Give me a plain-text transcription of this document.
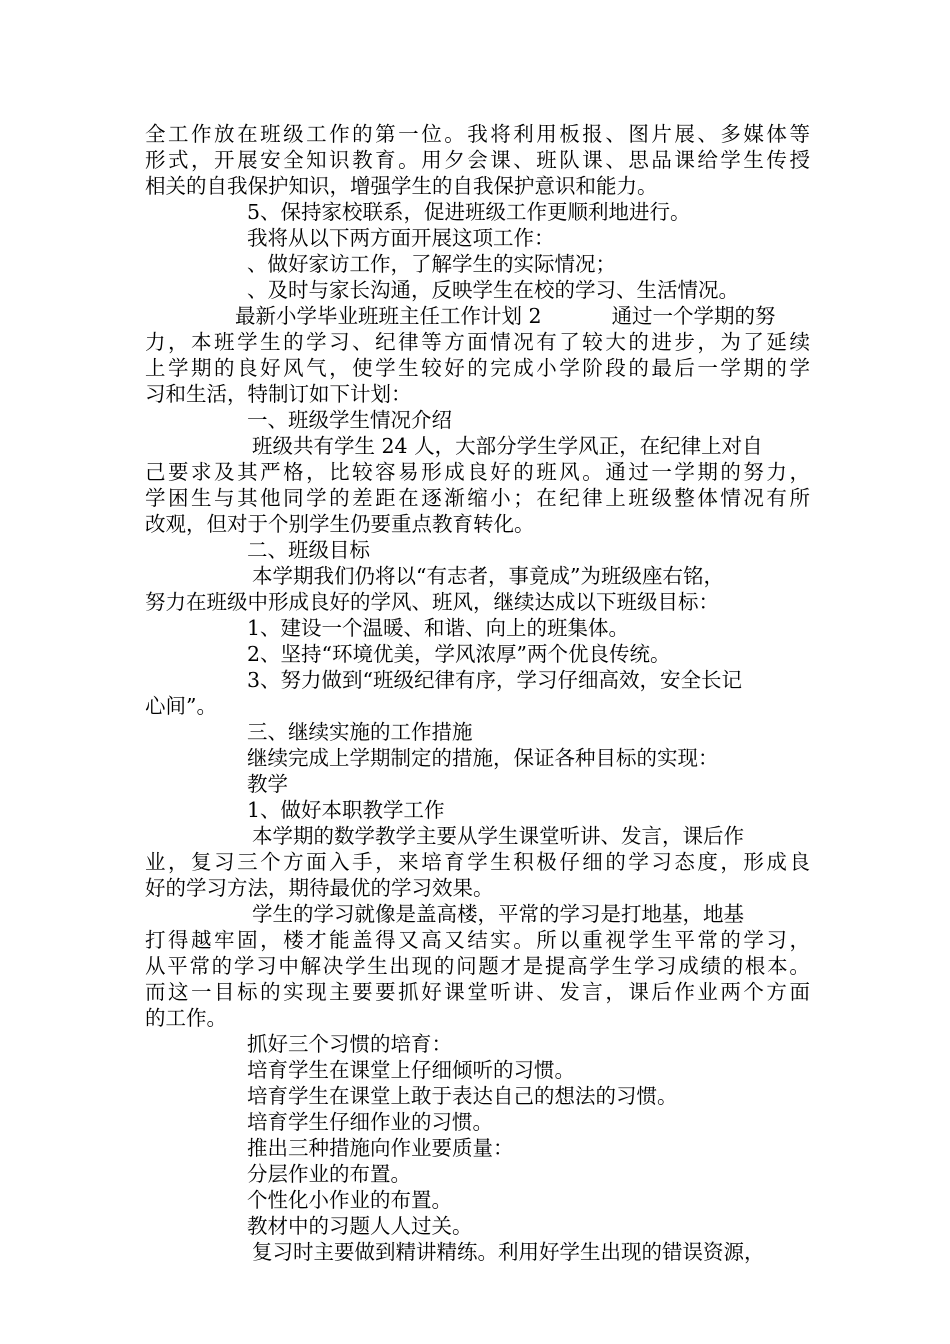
全 工 作 放 在 班 级 工 作 的 第 一 位 。 我 将 利 用 板 报 、 图 片 展 、 多 媒 体 等
形 式 ， 开 展 安 全 知 识 教 育 。 用 夕 会 课 、 班 队 课 、 思 品 课 给 学 生 传 授
相关的自我保护知识，增强学生的自我保护意识和能力。
5、保持家校联系，促进班级工作更顺利地进行。
我将从以下两方面开展这项工作：
、做好家访工作，了解学生的实际情况；
、及时与家长沟通，反映学生在校的学习、生活情况。
最新小学毕业班班主任工作计划 2	通过一个学期的努
力 ， 本 班 学 生 的 学 习 、 纪 律 等 方 面 情 况 有 了 较 大 的 进 步 ， 为 了 延 续
上 学 期 的 良 好 风 气 ， 使 学 生 较 好 的 完 成 小 学 阶 段 的 最 后 一 学 期 的 学
习和生活，特制订如下计划：
一、班级学生情况介绍
班级共有学生 24 人，大部分学生学风正，在纪律上对自
己 要 求 及 其 严 格 ， 比 较 容 易 形 成 良 好 的 班 风 。 通 过 一 学 期 的 努 力 ，
学 困 生 与 其 他 同 学 的 差 距 在 逐 渐 缩 小 ； 在 纪 律 上 班 级 整 体 情 况 有 所
改观，但对于个别学生仍要重点教育转化。
二、班级目标
本学期我们仍将以“有志者，事竟成”为班级座右铭，
努力在班级中形成良好的学风、班风，继续达成以下班级目标：
1、建设一个温暖、和谐、向上的班集体。
2、坚持“环境优美，学风浓厚”两个优良传统。
3、努力做到“班级纪律有序，学习仔细高效，安全长记
心间”。
三、继续实施的工作措施
继续完成上学期制定的措施，保证各种目标的实现：
教学
1、做好本职教学工作
本学期的数学教学主要从学生课堂听讲、发言，课后作
业 ， 复 习 三 个 方 面 入 手 ， 来 培 育 学 生 积 极 仔 细 的 学 习 态 度 ， 形 成 良
好的学习方法，期待最优的学习效果。
学生的学习就像是盖高楼，平常的学习是打地基，地基
打 得 越 牢 固 ， 楼 才 能 盖 得 又 高 又 结 实 。 所 以 重 视 学 生 平 常 的 学 习 ，
从 平 常 的 学 习 中 解 决 学 生 出 现 的 问 题 才 是 提 高 学 生 学 习 成 绩 的 根 本 。
而 这 一 目 标 的 实 现 主 要 要 抓 好 课 堂 听 讲 、 发 言 ， 课 后 作 业 两 个 方 面
的工作。
抓好三个习惯的培育：
培育学生在课堂上仔细倾听的习惯。
培育学生在课堂上敢于表达自己的想法的习惯。
培育学生仔细作业的习惯。
推出三种措施向作业要质量：
分层作业的布置。
个性化小作业的布置。
教材中的习题人人过关。
复习时主要做到精讲精练。利用好学生出现的错误资源，
